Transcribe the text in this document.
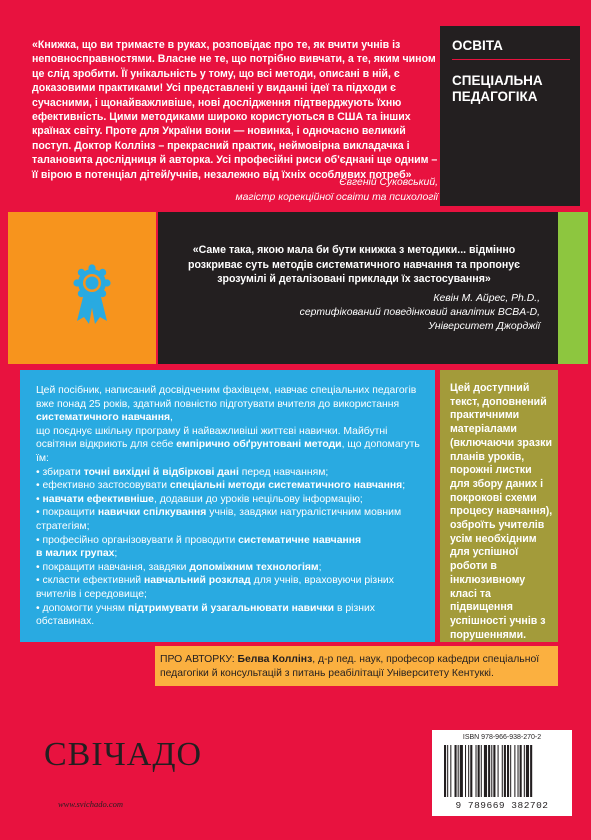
«Книжка, що ви тримаєте в руках, розповідає про те, як вчити учнів із неповносправностями. Власне не те, що потрібно вивчати, а те, яким чином це слід зробити. Її унікальність у тому, що всі методи, описані в ній, є доказовими практиками! Усі представлені у виданні ідеї та підходи є сучасними, і щонайважливіше, нові дослідження підтверджують їхню ефективність. Цими методиками широко користуються в США та інших країнах світу. Проте для України вони — новинка, і одночасно великий поступ. Доктор Коллінз – прекрасний практик, неймовірна викладачка і талановита дослідниця й авторка. Усі професійні риси об'єднані ще одним – її вірою в потенціал дітей/учнів, незалежно від їхніх особливих потреб»
Євгеній Суковський,
магістр корекційної освіти та психології
ОСВІТА
СПЕЦІАЛЬНА ПЕДАГОГІКА
«Саме така, якою мала би бути книжка з методики... відмінно розкриває суть методів систематичного навчання та пропонує зрозумілі й деталізовані приклади їх застосування»
Кевін М. Айрес, Ph.D.,
сертифікований поведінковий аналітик BCBA-D,
Університет Джорджії

Цей посібник, написаний досвідченим фахівцем, навчає спеціальних педагогів вже понад 25 років, здатний повністю підготувати вчителя до використання систематичного навчання,

що поєднує шкільну програму й найважливіші життєві навички. Майбутні освітяни відкриють для себе емпірично обґрунтовані методи, що допомагуть їм:

• збирати точні вихідні й відбіркові дані перед навчанням;

• ефективно застосовувати спеціальні методи систематичного навчання;

• навчати ефективніше, додавши до уроків нецільову інформацію;

• покращити навички спілкування учнів, завдяки натуралістичним мовним стратегіям;

• професійно організовувати й проводити систематичне навчання
в малих групах;

• покращити навчання, завдяки допоміжним технологіям;

• скласти ефективний навчальний розклад для учнів, враховуючи різних вчителів і середовище;

• допомогти учням підтримувати й узагальнювати навички в різних обставинах.

Цей доступний текст, доповнений практичними матеріалами (включаючи зразки планів уроків, порожні листки для збору даних і покрокові схеми процесу навчання), озброїть учителів усім необхідним для успішної роботи в інклюзивному класі та підвищення успішності учнів з порушеннями.
ПРО АВТОРКУ: Белва Коллінз, д-р пед. наук, професор кафедри спеціальної педагогіки й консультацій з питань реабілітації Університету Кентуккі.
СВІЧАДО
www.svichado.com
ISBN 978-966-938-270-2
9 789669 382702
